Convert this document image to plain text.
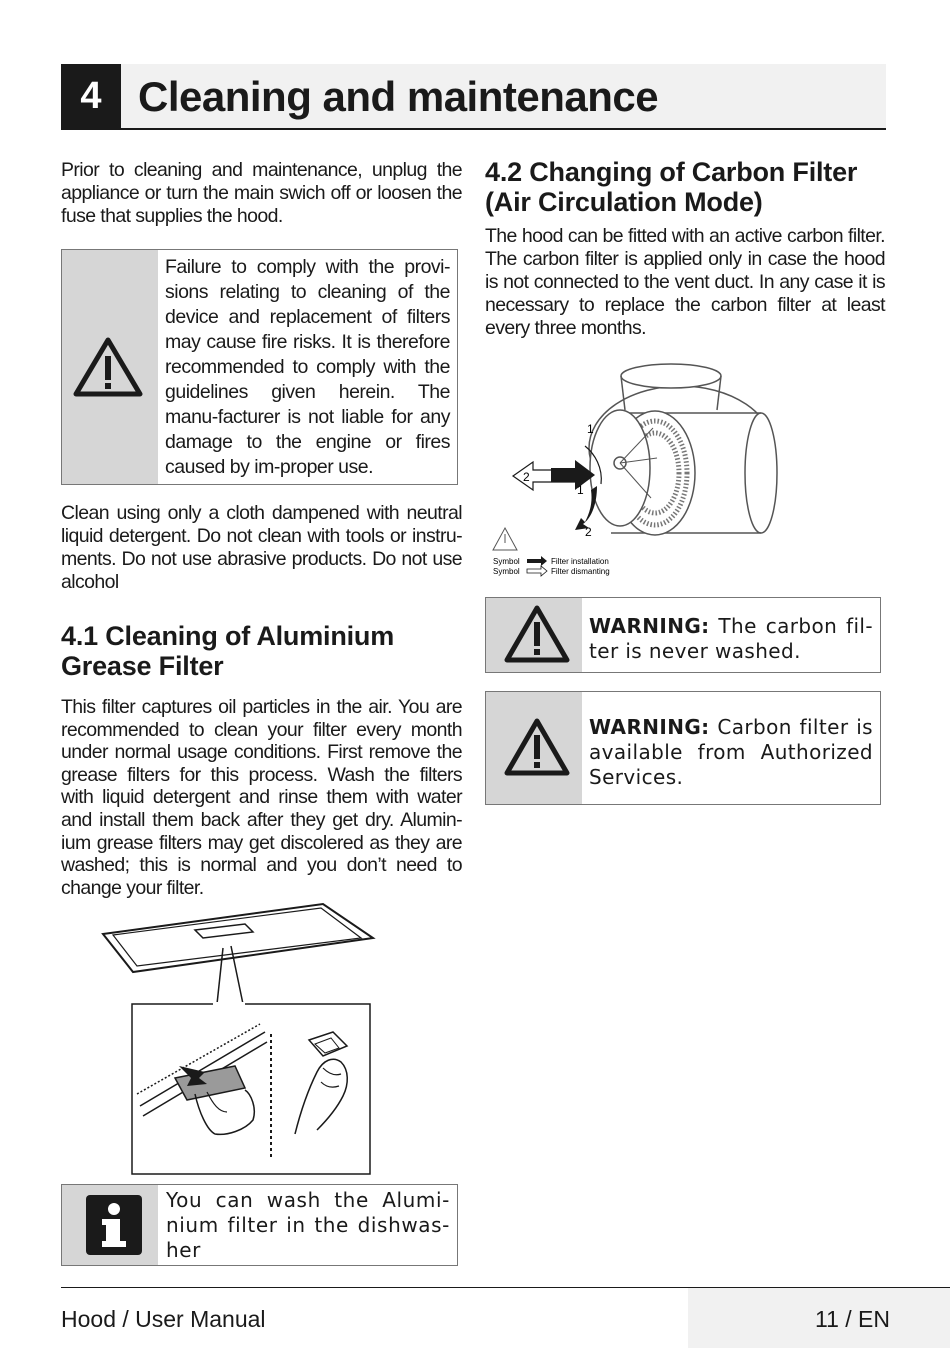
4 Cleaning and maintenance
Prior to cleaning and maintenance, unplug the appliance or turn the main swich off or loosen the fuse that supplies the hood.
Failure to comply with the provi-sions relating to cleaning of the device and replacement of filters may cause fire risks. It is therefore recommended to comply with the guidelines given herein. The manu-facturer is not liable for any damage to the engine or fires caused by im-proper use.
Clean using only a cloth dampened with neutral liquid detergent. Do not clean with tools or instru-ments. Do not use abrasive products. Do not use alcohol
4.1 Cleaning of Aluminium Grease Filter
This filter captures oil particles in the air. You are recommended to clean your filter every month under normal usage conditions. First remove the grease filters for this process. Wash the filters with liquid detergent and rinse them with water and install them back after they get dry. Alumin-ium grease filters may get discolered as they are washed; this is normal and you don’t need to change your filter.
You can wash the Alumi-nium filter in the dishwas-her
4.2 Changing of Carbon Filter (Air Circulation Mode)
The hood can be fitted with an active carbon filter. The carbon filter is applied only in case the hood is not connected to the vent duct. In any case it is necessary to replace the carbon filter at least every three months.
1
2
1
2
Symbol	Filter installation
Symbol	Filter dismanting
WARNING: The carbon fil-ter is never washed.
WARNING: Carbon filter is available from Authorized Services.
Hood / User Manual	11 / EN
